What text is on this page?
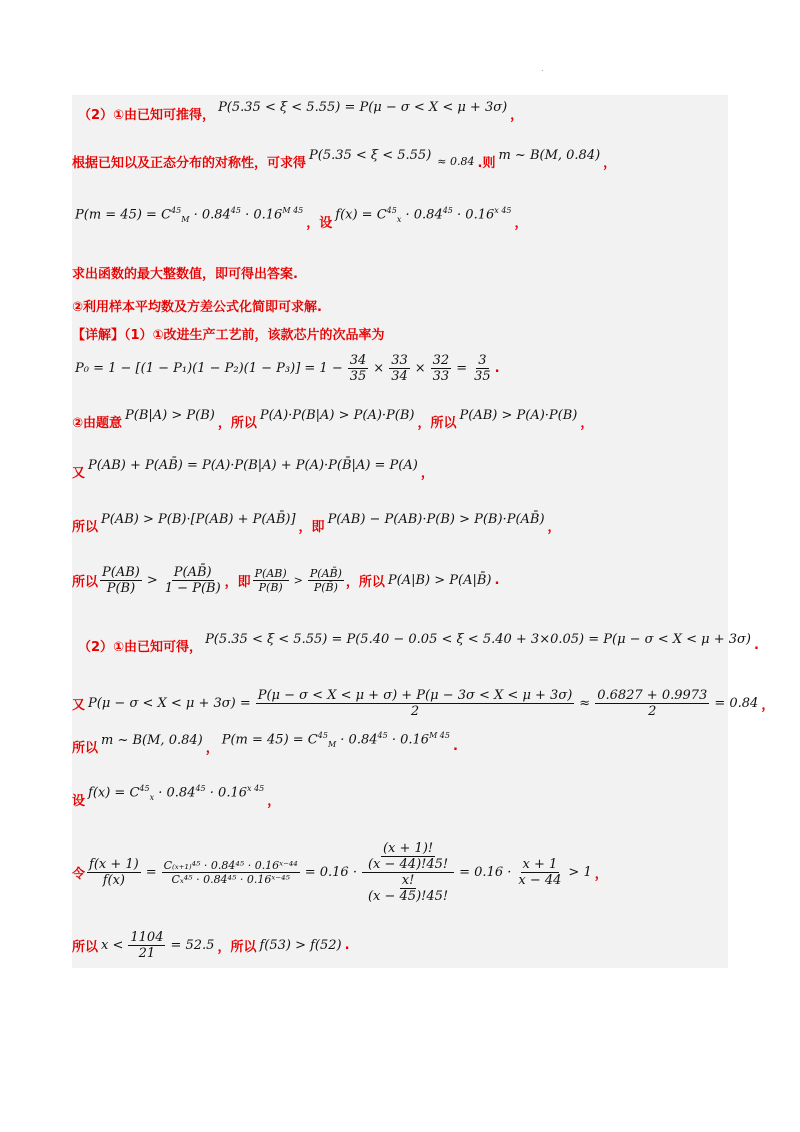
.
（2）①由已知可推得，
P(5.35 < ξ < 5.55) = P(μ − σ < X < μ + 3σ)
，
根据已知以及正态分布的对称性，可求得
P(5.35 < ξ < 5.55) ≈ 0.84 .则
m ~ B(M, 0.84)
，
$P(m = 45) = C^{45}_M \cdot 0.84^{45} \cdot 0.16^{M 45}$
，设
$f(x) = C^{45}_x \cdot 0.84^{45} \cdot 0.16^{x 45}$
，
求出函数的最大整数值，即可得出答案.
②利用样本平均数及方差公式化简即可求解.
【详解】（1）①改进生产工艺前，该款芯片的次品率为
$P_0 = 1 - [(1 - P_1)(1 - P_2)(1 - P_3)] = 1 - \frac{34}{35} \times \frac{33}{34} \times \frac{32}{33} = \frac{3}{35}$ .
②由题意
P(B|A) > P(B)
，所以
P(A)·P(B|A) > P(A)·P(B)
，所以
P(AB) > P(A)·P(B)
，
又
P(AB) + P(AB̄) = P(A)·P(B|A) + P(A)·P(B̄|A) = P(A)
，
所以
P(AB) > P(B)·[P(AB) + P(AB̄)]
，即
P(AB) − P(AB)·P(B) > P(B)·P(AB̄)
，
所以 $\frac{P(AB)}{P(B)} > \frac{P(AB̄)}{1 - P(B)}$ ，即 $\frac{P(AB)}{P(B)} > \frac{P(AB̄)}{P(B̄)}$ ，所以 P(A|B) > P(A|B̄) .
（2）①由已知可得，
P(5.35 < ξ < 5.55) = P(5.40 − 0.05 < ξ < 5.40 + 3×0.05) = P(μ − σ < X < μ + 3σ) .
又 $P(\mu - \sigma < X < \mu + 3\sigma) = \frac{P(\mu - \sigma < X < \mu + \sigma) + P(\mu - 3\sigma < X < \mu + 3\sigma)}{2} \approx \frac{0.6827 + 0.9973}{2} = 0.84$ ，
所以
m ~ B(M, 0.84)
，
$P(m = 45) = C^{45}_M \cdot 0.84^{45} \cdot 0.16^{M 45}$
.
设
$f(x) = C^{45}_x \cdot 0.84^{45} \cdot 0.16^{x 45}$
，
令 $\frac{f(x + 1)}{f(x)} = \frac{\text{C₍ₓ₊₁₎⁴⁵ · 0.84⁴⁵ · 0.16ˣ⁻⁴⁴}}{\text{Cₓ⁴⁵ · 0.84⁴⁵ · 0.16ˣ⁻⁴⁵}} = 0.16 \cdot \frac{\frac{(x + 1)!}{(x - 44)!45!}}{\frac{x!}{(x - 45)!45!}} = 0.16 \cdot \frac{x + 1}{x - 44} > 1$ ，
所以 $x < \frac{1104}{21} = 52.5$ ，所以 f(53) > f(52) .
